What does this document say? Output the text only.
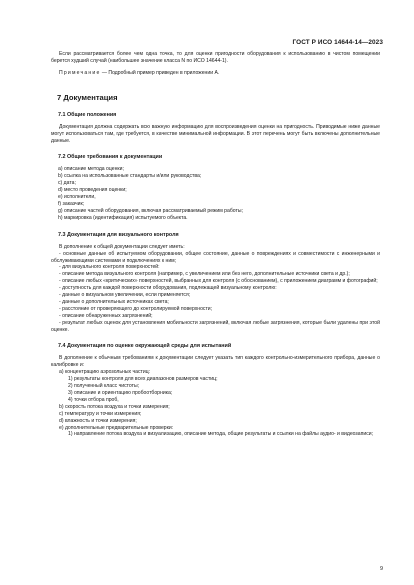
ГОСТ Р ИСО 14644-14—2023

Если рассматривается более чем одна точка, то для оценки пригодности оборудования к использованию в чистом помещении берется худший случай (наибольшее значение класса N по ИСО 14644-1).

Примечание — Подробный пример приведен в приложении А.

7 Документация
7.1 Общие положения

Документация должна содержать всю важную информацию для воспроизведения оценки на пригодность. Приводимые ниже данные могут использоваться там, где требуется, в качестве минимальной информации. В этот перечень могут быть включены дополнительные данные.

7.2 Общие требования к документации
a) описание метода оценки;
b) ссылка на использованные стандарты и/или руководства;
c) дата;
d) место проведения оценки;
e) исполнители,
f) заказчик;
g) описание частей оборудования, включая рассматриваемый режим работы;
h) маркировка (идентификация) испытуемого объекта.
7.3 Документация для визуального контроля

В дополнение к общей документации следует иметь:

- основные данные об испытуемом оборудовании, общее состояние, данные о повреждениях и совместимости с инженерными и обслуживающими системами и подключениях к ним;

- для визуального контроля поверхностей:

- описание метода визуального контроля (например, с увеличением или без него, дополнительные источники света и др.);

- описание любых «критических» поверхностей, выбранных для контроля (с обоснованием), с приложением диаграмм и фотографий;

- доступность для каждой поверхности оборудования, подлежащей визуальному контролю:

- данные о визуальном увеличении, если применяется;

- данные о дополнительных источниках света;

- расстояние от проверяющего до контролируемой поверхности;

- описание обнаруженных загрязнений;

- результат любых оценок для установления мобильности загрязнений, включая любые загрязнения, которые были удалены при этой оценке.

7.4 Документация по оценке окружающей среды для испытаний

В дополнение к обычным требованиям к документации следует указать тип каждого контрольно-измерительного прибора, данные о калибровке и:

a) концентрацию аэрозольных частиц:
1) результаты контроля для всех диапазонов размеров частиц;
2) полученный класс чистоты;
3) описание и ориентацию пробоотборника;
4) точки отбора проб,
b) скорость потока воздуха и точки измерения;
c) температуру и точки измерения;
d) влажность и точки измерения;
e) дополнительные предварительные проверки:

1) направление потока воздуха и визуализацию, описание метода, общие результаты и ссылки на файлы аудио- и видеозаписи;

9
